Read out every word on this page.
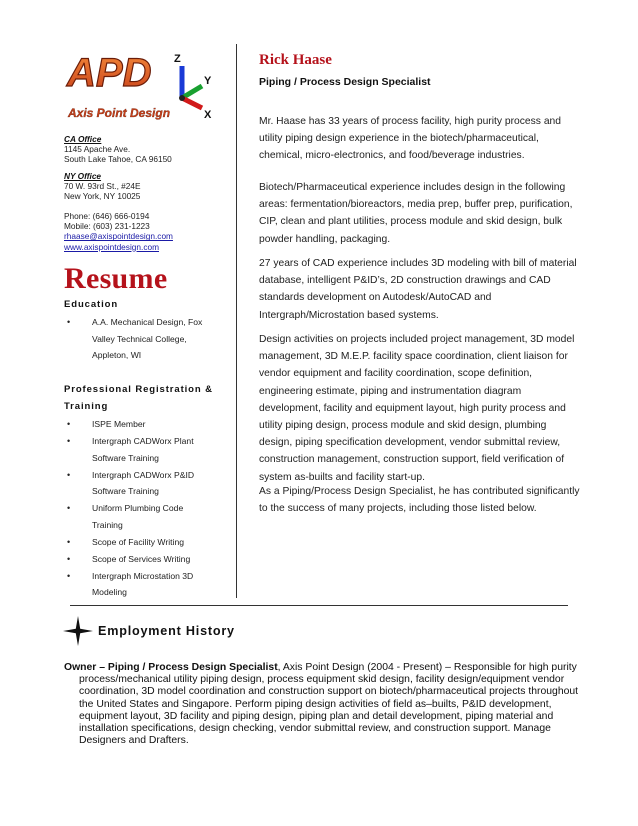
APD
Axis Point Design
Z
Y
X
CA Office
1145 Apache Ave.
South Lake Tahoe, CA 96150
NY Office
70 W. 93rd St., #24E
New York, NY 10025
Phone: (646) 666-0194
Mobile: (603) 231-1223
rhaase@axispointdesign.com
www.axispointdesign.com
Resume
Education
• A.A. Mechanical Design, Fox Valley Technical College, Appleton, WI
Professional Registration & Training
• ISPE Member
• Intergraph CADWorx Plant Software Training
• Intergraph CADWorx P&ID Software Training
• Uniform Plumbing Code Training
• Scope of Facility Writing
• Scope of Services Writing
• Intergraph Microstation 3D Modeling
Rick Haase
Piping / Process Design Specialist

Mr. Haase has 33 years of process facility, high purity process and utility piping design experience in the biotech/pharmaceutical, chemical, micro-electronics, and food/beverage industries.

Biotech/Pharmaceutical experience includes design in the following areas: fermentation/bioreactors, media prep, buffer prep, purification, CIP, clean and plant utilities, process module and skid design, bulk powder handling, packaging.

27 years of CAD experience includes 3D modeling with bill of material database, intelligent P&ID’s, 2D construction drawings and CAD standards development on Autodesk/AutoCAD and Intergraph/Microstation based systems.

Design activities on projects included project management, 3D model management, 3D M.E.P. facility space coordination, client liaison for vendor equipment and facility coordination, scope definition, engineering estimate, piping and instrumentation diagram development, facility and equipment layout, high purity process and utility piping design, process module and skid design, plumbing design, piping specification development, vendor submittal review, construction management, construction support, field verification of system as-builts and facility start-up.

As a Piping/Process Design Specialist, he has contributed significantly to the success of many projects, including those listed below.

Employment History

Owner – Piping / Process Design Specialist, Axis Point Design (2004 - Present) – Responsible for high purity process/mechanical utility piping design, process equipment skid design, facility design/equipment vendor coordination, 3D model coordination and construction support on biotech/pharmaceutical projects throughout the United States and Singapore. Perform piping design activities of field as–builts, P&ID development, equipment layout, 3D facility and piping design, piping plan and detail development, piping material and installation specifications, design checking, vendor submittal review, and construction support. Manage Designers and Drafters.
